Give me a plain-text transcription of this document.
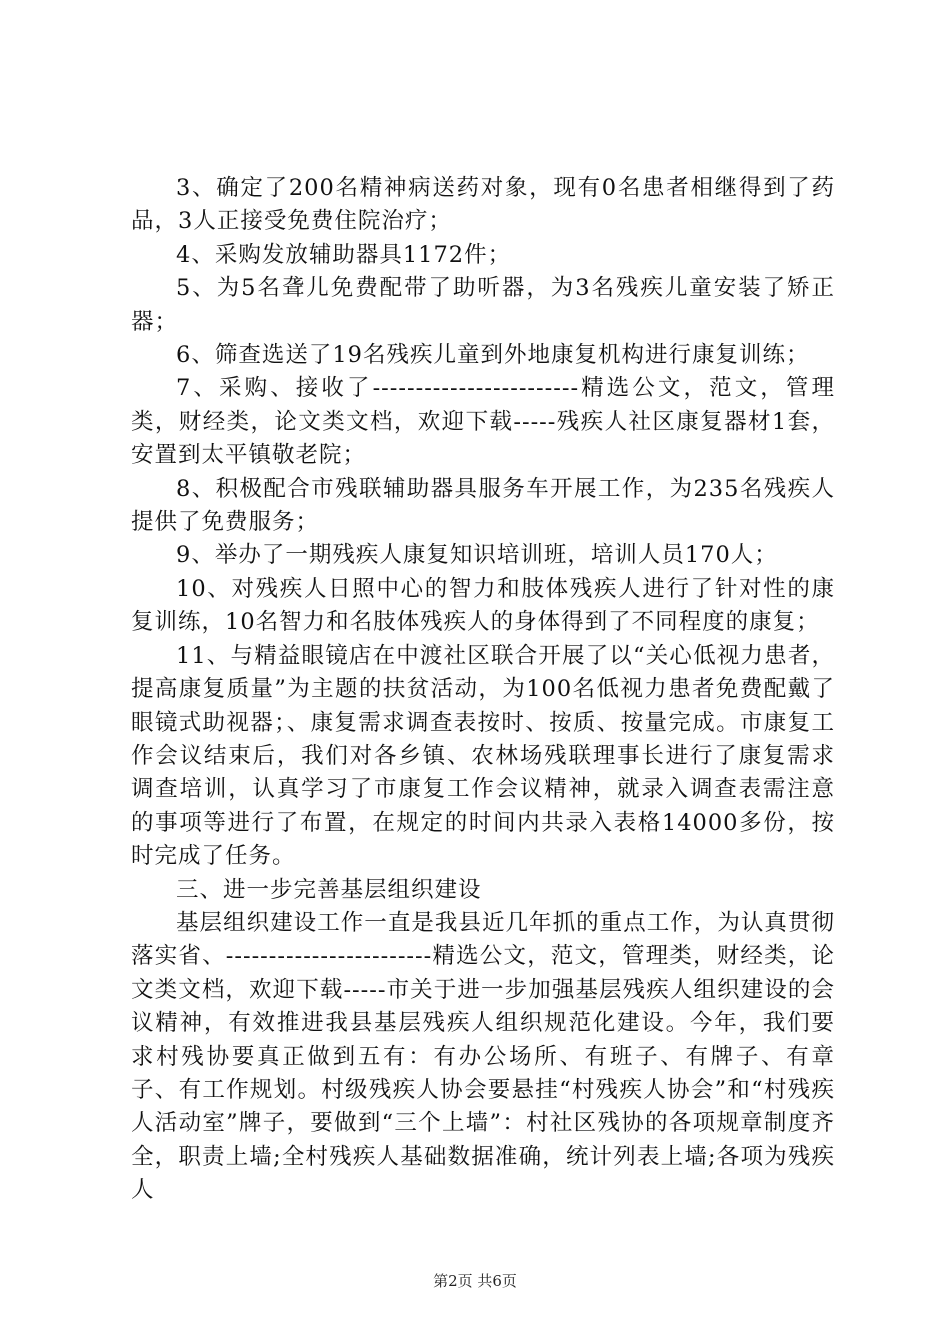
3、确定了200名精神病送药对象，现有0名患者相继得到了药品，3人正接受免费住院治疗；

4、采购发放辅助器具1172件；

5、为5名聋儿免费配带了助听器，为3名残疾儿童安装了矫正器；

6、筛查选送了19名残疾儿童到外地康复机构进行康复训练；

7、采购、接收了------------------------精选公文，范文，管理类，财经类，论文类文档，欢迎下载-----残疾人社区康复器材1套，安置到太平镇敬老院；

8、积极配合市残联辅助器具服务车开展工作，为235名残疾人提供了免费服务；

9、举办了一期残疾人康复知识培训班，培训人员170人；

10、对残疾人日照中心的智力和肢体残疾人进行了针对性的康复训练，10名智力和名肢体残疾人的身体得到了不同程度的康复；

11、与精益眼镜店在中渡社区联合开展了以“关心低视力患者，提高康复质量”为主题的扶贫活动，为100名低视力患者免费配戴了眼镜式助视器；、康复需求调查表按时、按质、按量完成。市康复工作会议结束后，我们对各乡镇、农林场残联理事长进行了康复需求调查培训，认真学习了市康复工作会议精神，就录入调查表需注意的事项等进行了布置，在规定的时间内共录入表格14000多份，按时完成了任务。

三、进一步完善基层组织建设

基层组织建设工作一直是我县近几年抓的重点工作，为认真贯彻落实省、------------------------精选公文，范文，管理类，财经类，论文类文档，欢迎下载-----市关于进一步加强基层残疾人组织建设的会议精神，有效推进我县基层残疾人组织规范化建设。今年，我们要求村残协要真正做到五有：有办公场所、有班子、有牌子、有章子、有工作规划。村级残疾人协会要悬挂“村残疾人协会”和“村残疾人活动室”牌子，要做到“三个上墙”：村社区残协的各项规章制度齐全，职责上墙;全村残疾人基础数据准确，统计列表上墙;各项为残疾人

第2页 共6页
